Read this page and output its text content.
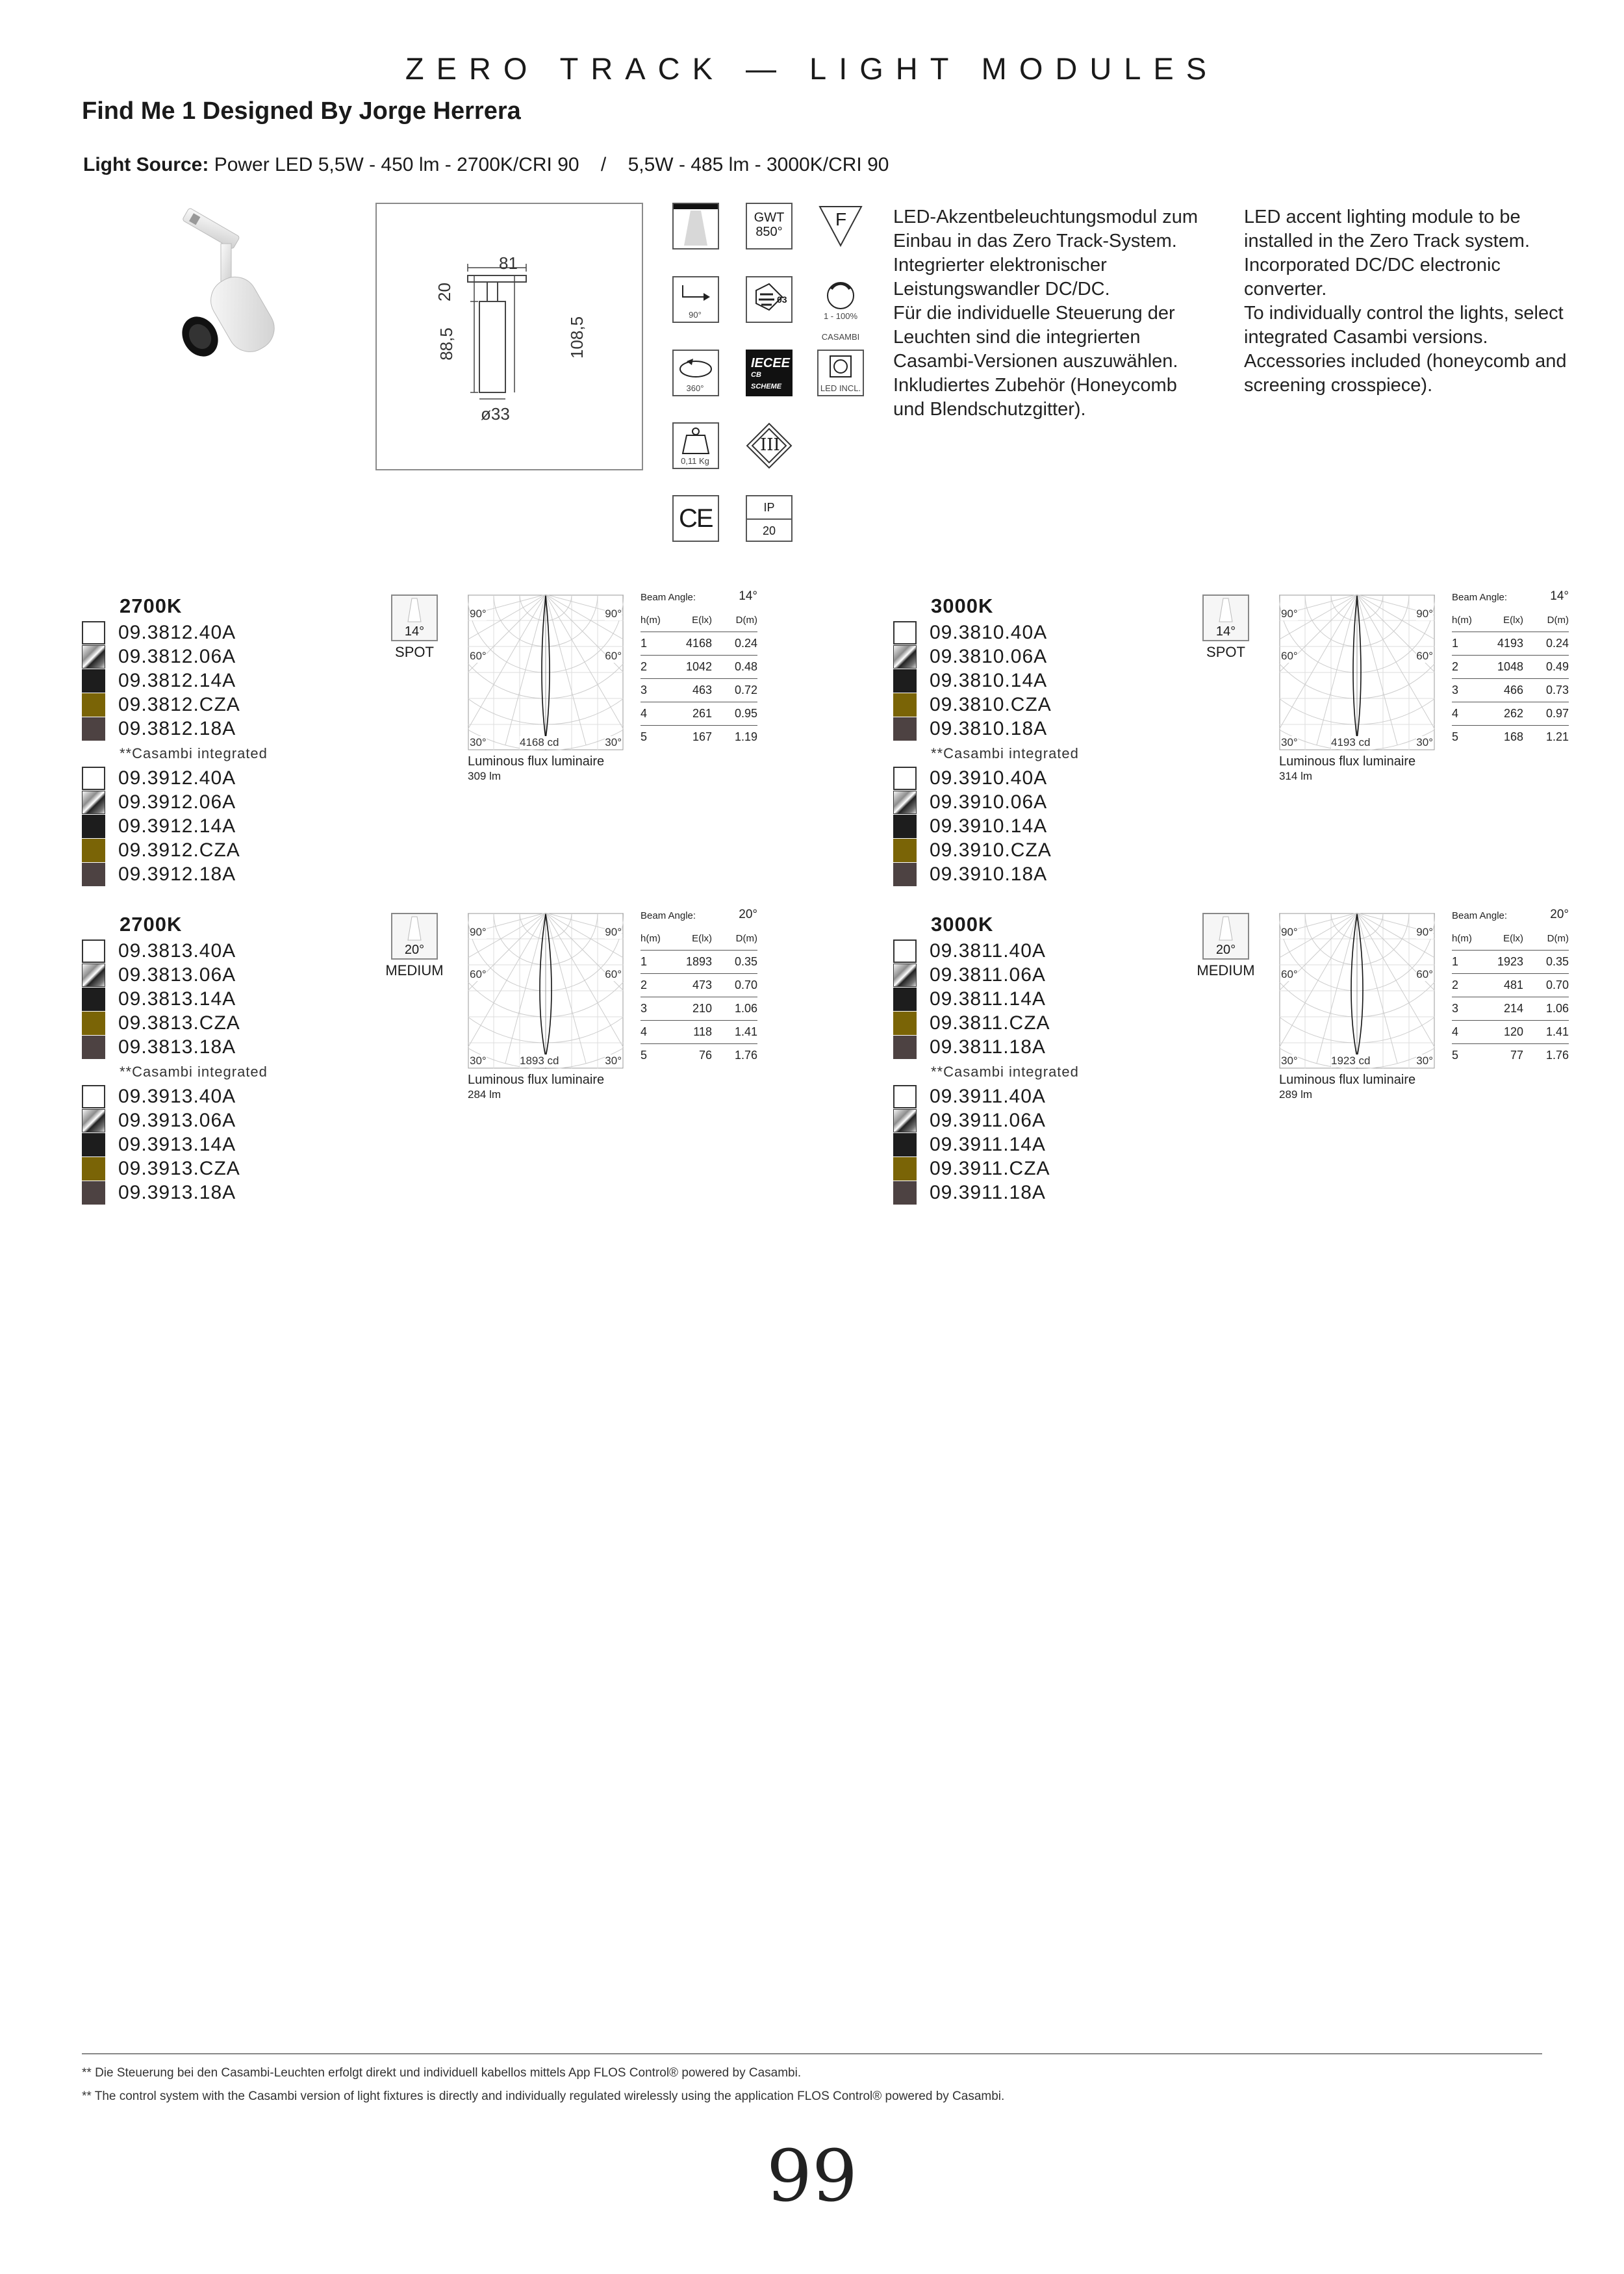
ZERO TRACK — LIGHT MODULES
Find Me 1 Designed By Jorge Herrera
Light Source: Power LED 5,5W - 450 lm - 2700K/CRI 90    /    5,5W - 485 lm - 3000K/CRI 90
81
20
88,5	108,5
ø33
GWT
850°
F
90°
03
1 - 100%
CASAMBI
360°
IECEE
CB
SCHEME	LED INCL.
0,11 Kg
III
CE	IP
20
LED-Akzentbeleuchtungsmodul zum Einbau in das Zero Track-System.
Integrierter elektronischer Leistungswandler DC/DC.
Für die individuelle Steuerung der Leuchten sind die integrierten Casambi-Versionen auszuwählen.
Inkludiertes Zubehör (Honeycomb und Blendschutzgitter).
LED accent lighting module to be installed in the Zero Track system.
Incorporated DC/DC electronic converter.
To individually control the lights, select integrated Casambi versions.
Accessories included (honeycomb and screening crosspiece).
2700K
09.3812.40A
09.3812.06A
09.3812.14A
09.3812.CZA
09.3812.18A
**Casambi integrated
09.3912.40A
09.3912.06A
09.3912.14A
09.3912.CZA
09.3912.18A
14°
SPOT
90°	90°
60°	60°
30°	30°
4168 cd
Luminous flux luminaire
309 lm
Beam Angle:	14°
h(m)	E(lx)	D(m)
1	4168	0.24
2	1042	0.48
3	463	0.72
4	261	0.95
5	167	1.19
3000K
09.3810.40A
09.3810.06A
09.3810.14A
09.3810.CZA
09.3810.18A
**Casambi integrated
09.3910.40A
09.3910.06A
09.3910.14A
09.3910.CZA
09.3910.18A
14°
SPOT
90°	90°
60°	60°
30°	30°
4193 cd
Luminous flux luminaire
314 lm
Beam Angle:	14°
h(m)	E(lx)	D(m)
1	4193	0.24
2	1048	0.49
3	466	0.73
4	262	0.97
5	168	1.21
2700K
09.3813.40A
09.3813.06A
09.3813.14A
09.3813.CZA
09.3813.18A
**Casambi integrated
09.3913.40A
09.3913.06A
09.3913.14A
09.3913.CZA
09.3913.18A
20°
MEDIUM
90°	90°
60°	60°
30°	30°
1893 cd
Luminous flux luminaire
284 lm
Beam Angle:	20°
h(m)	E(lx)	D(m)
1	1893	0.35
2	473	0.70
3	210	1.06
4	118	1.41
5	76	1.76
3000K
09.3811.40A
09.3811.06A
09.3811.14A
09.3811.CZA
09.3811.18A
**Casambi integrated
09.3911.40A
09.3911.06A
09.3911.14A
09.3911.CZA
09.3911.18A
20°
MEDIUM
90°	90°
60°	60°
30°	30°
1923 cd
Luminous flux luminaire
289 lm
Beam Angle:	20°
h(m)	E(lx)	D(m)
1	1923	0.35
2	481	0.70
3	214	1.06
4	120	1.41
5	77	1.76
** Die Steuerung bei den Casambi-Leuchten erfolgt direkt und individuell kabellos mittels App FLOS Control® powered by Casambi.
** The control system with the Casambi version of light fixtures is directly and individually regulated wirelessly using the application FLOS Control® powered by Casambi.
99
